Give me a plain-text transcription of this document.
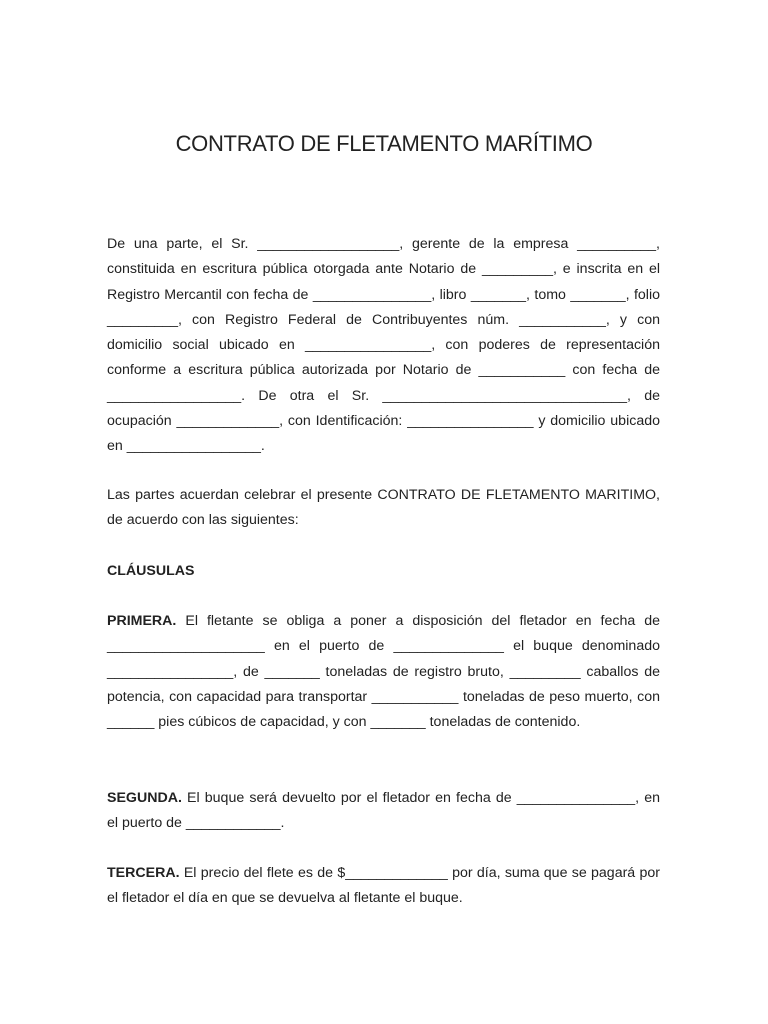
CONTRATO DE FLETAMENTO MARÍTIMO

De una parte, el Sr. __________________, gerente de la empresa __________, constituida en escritura pública otorgada ante Notario de _________, e inscrita en el Registro Mercantil con fecha de _______________, libro _______, tomo _______, folio _________, con Registro Federal de Contribuyentes núm. ___________, y con domicilio social ubicado en ________________, con poderes de representación conforme a escritura pública autorizada por Notario de ___________ con fecha de _________________. De otra el Sr. _______________________________, de ocupación _____________, con Identificación: ________________ y domicilio ubicado en _________________.

Las partes acuerdan celebrar el presente CONTRATO DE FLETAMENTO MARITIMO, de acuerdo con las siguientes:

CLÁUSULAS

PRIMERA. El fletante se obliga a poner a disposición del fletador en fecha de ____________________ en el puerto de ______________ el buque denominado ________________, de _______ toneladas de registro bruto, _________ caballos de potencia, con capacidad para transportar ___________ toneladas de peso muerto, con ______ pies cúbicos de capacidad, y con _______ toneladas de contenido.

SEGUNDA. El buque será devuelto por el fletador en fecha de _______________, en el puerto de ____________.

TERCERA. El precio del flete es de $_____________ por día, suma que se pagará por el fletador el día en que se devuelva al fletante el buque.
